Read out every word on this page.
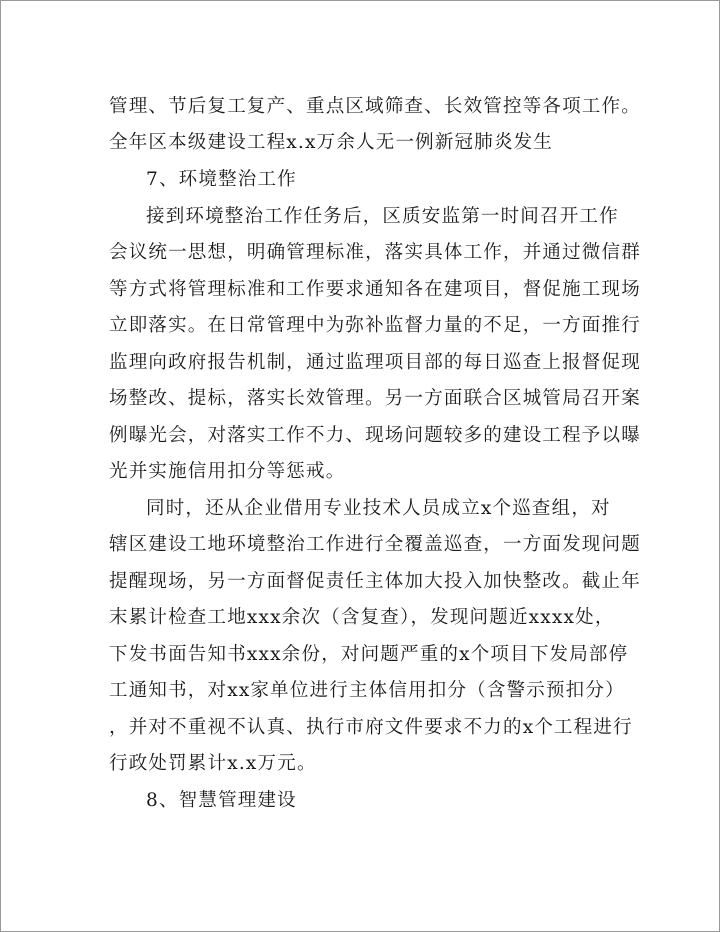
管理、节后复工复产、重点区域筛查、长效管控等各项工作。
全年区本级建设工程x.x万余人无一例新冠肺炎发生
7、环境整治工作
接到环境整治工作任务后，区质安监第一时间召开工作
会议统一思想，明确管理标准，落实具体工作，并通过微信群
等方式将管理标准和工作要求通知各在建项目，督促施工现场
立即落实。在日常管理中为弥补监督力量的不足，一方面推行
监理向政府报告机制，通过监理项目部的每日巡查上报督促现
场整改、提标，落实长效管理。另一方面联合区城管局召开案
例曝光会，对落实工作不力、现场问题较多的建设工程予以曝
光并实施信用扣分等惩戒。
同时，还从企业借用专业技术人员成立x个巡查组，对
辖区建设工地环境整治工作进行全覆盖巡查，一方面发现问题
提醒现场，另一方面督促责任主体加大投入加快整改。截止年
末累计检查工地xxx余次（含复查），发现问题近xxxx处，
下发书面告知书xxx余份，对问题严重的x个项目下发局部停
工通知书，对xx家单位进行主体信用扣分（含警示预扣分）
，并对不重视不认真、执行市府文件要求不力的x个工程进行
行政处罚累计x.x万元。
8、智慧管理建设
